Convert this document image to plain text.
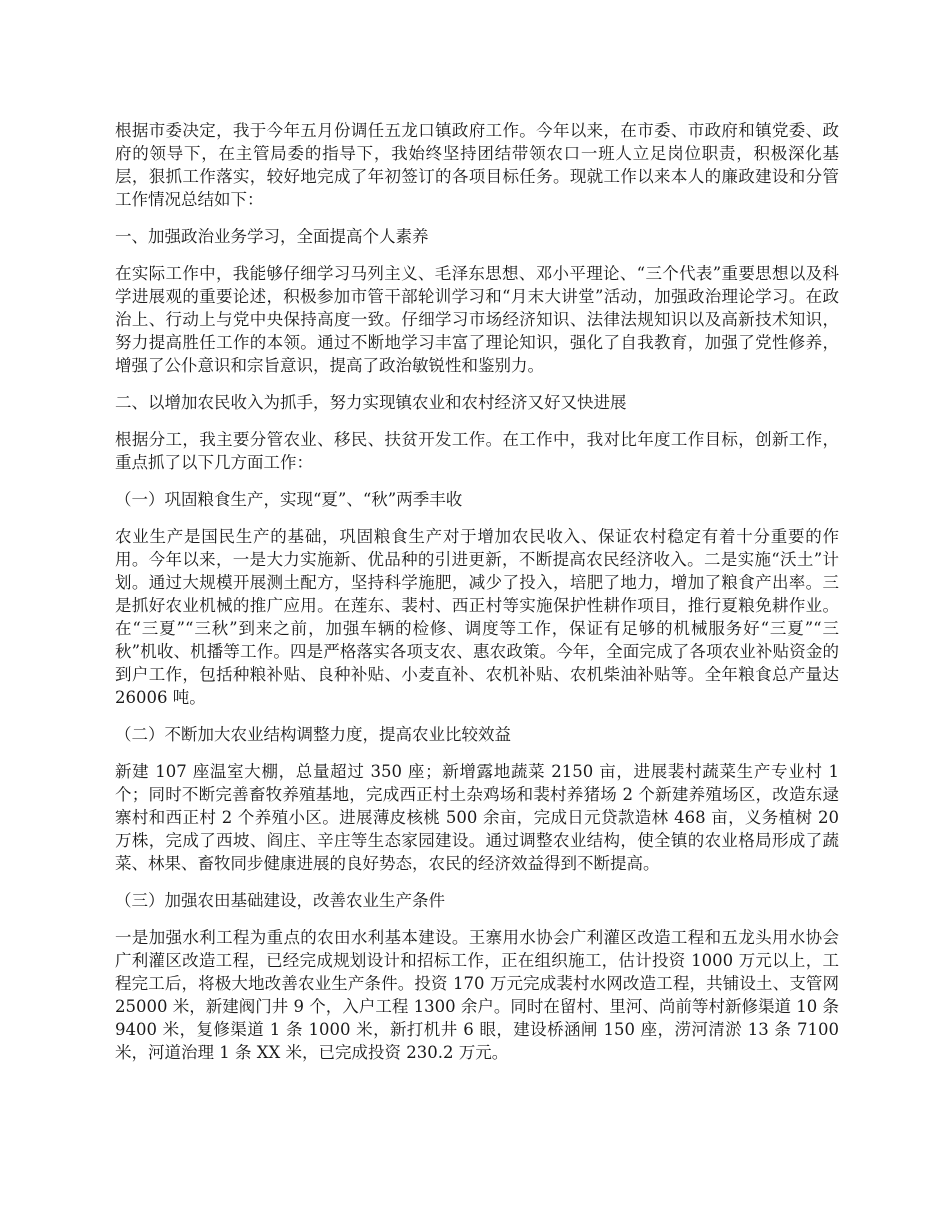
根据市委决定，我于今年五月份调任五龙口镇政府工作。今年以来，在市委、市政府和镇党委、政府的领导下，在主管局委的指导下，我始终坚持团结带领农口一班人立足岗位职责，积极深化基层，狠抓工作落实，较好地完成了年初签订的各项目标任务。现就工作以来本人的廉政建设和分管工作情况总结如下：

一、加强政治业务学习，全面提高个人素养

在实际工作中，我能够仔细学习马列主义、毛泽东思想、邓小平理论、“三个代表”重要思想以及科学进展观的重要论述，积极参加市管干部轮训学习和“月末大讲堂”活动，加强政治理论学习。在政治上、行动上与党中央保持高度一致。仔细学习市场经济知识、法律法规知识以及高新技术知识，努力提高胜任工作的本领。通过不断地学习丰富了理论知识，强化了自我教育，加强了党性修养，增强了公仆意识和宗旨意识，提高了政治敏锐性和鉴别力。

二、以增加农民收入为抓手，努力实现镇农业和农村经济又好又快进展

根据分工，我主要分管农业、移民、扶贫开发工作。在工作中，我对比年度工作目标，创新工作，重点抓了以下几方面工作：

（一）巩固粮食生产，实现“夏”、“秋”两季丰收

农业生产是国民生产的基础，巩固粮食生产对于增加农民收入、保证农村稳定有着十分重要的作用。今年以来，一是大力实施新、优品种的引进更新，不断提高农民经济收入。二是实施“沃土”计划。通过大规模开展测土配方，坚持科学施肥，减少了投入，培肥了地力，增加了粮食产出率。三是抓好农业机械的推广应用。在莲东、裴村、西正村等实施保护性耕作项目，推行夏粮免耕作业。在“三夏”“三秋”到来之前，加强车辆的检修、调度等工作，保证有足够的机械服务好“三夏”“三秋”机收、机播等工作。四是严格落实各项支农、惠农政策。今年，全面完成了各项农业补贴资金的到户工作，包括种粮补贴、良种补贴、小麦直补、农机补贴、农机柴油补贴等。全年粮食总产量达 26006 吨。

（二）不断加大农业结构调整力度，提高农业比较效益

新建 107 座温室大棚，总量超过 350 座；新增露地蔬菜 2150 亩，进展裴村蔬菜生产专业村 1 个；同时不断完善畜牧养殖基地，完成西正村土杂鸡场和裴村养猪场 2 个新建养殖场区，改造东逯寨村和西正村 2 个养殖小区。进展薄皮核桃 500 余亩，完成日元贷款造林 468 亩，义务植树 20 万株，完成了西坡、阎庄、辛庄等生态家园建设。通过调整农业结构，使全镇的农业格局形成了蔬菜、林果、畜牧同步健康进展的良好势态，农民的经济效益得到不断提高。

（三）加强农田基础建设，改善农业生产条件

一是加强水利工程为重点的农田水利基本建设。王寨用水协会广利灌区改造工程和五龙头用水协会广利灌区改造工程，已经完成规划设计和招标工作，正在组织施工，估计投资 1000 万元以上，工程完工后，将极大地改善农业生产条件。投资 170 万元完成裴村水网改造工程，共铺设土、支管网 25000 米，新建阀门井 9 个，入户工程 1300 余户。同时在留村、里河、尚前等村新修渠道 10 条 9400 米，复修渠道 1 条 1000 米，新打机井 6 眼，建设桥涵闸 150 座，涝河清淤 13 条 7100 米，河道治理 1 条 XX 米，已完成投资 230.2 万元。
